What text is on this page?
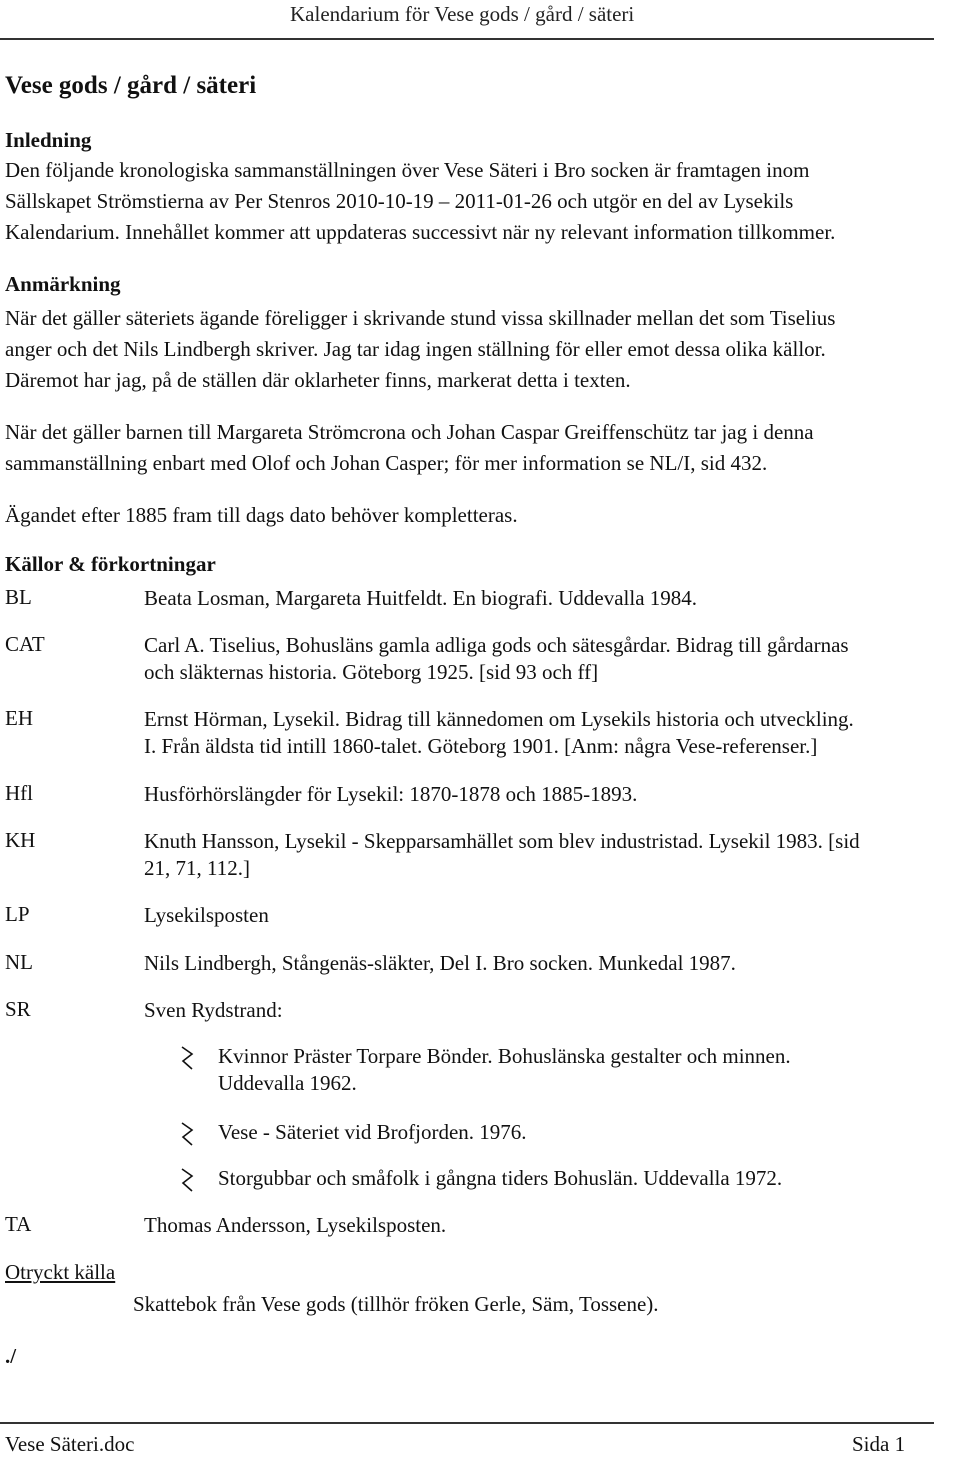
Kalendarium för Vese gods / gård / säteri
Vese gods / gård / säteri
Inledning
Den följande kronologiska sammanställningen över Vese Säteri i Bro socken är framtagen inom
Sällskapet Strömstierna av Per Stenros 2010-10-19 – 2011-01-26 och utgör en del av Lysekils
Kalendarium. Innehållet kommer att uppdateras successivt när ny relevant information tillkommer.
Anmärkning
När det gäller säteriets ägande föreligger i skrivande stund vissa skillnader mellan det som Tiselius
anger och det Nils Lindbergh skriver. Jag tar idag ingen ställning för eller emot dessa olika källor.
Däremot har jag, på de ställen där oklarheter finns, markerat detta i texten.
När det gäller barnen till Margareta Strömcrona och Johan Caspar Greiffenschütz tar jag i denna
sammanställning enbart med Olof och Johan Casper; för mer information se NL/I, sid 432.
Ägandet efter 1885 fram till dags dato behöver kompletteras.
Källor & förkortningar
BL	Beata Losman, Margareta Huitfeldt. En biografi. Uddevalla 1984.
CAT	Carl A. Tiselius, Bohusläns gamla adliga gods och sätesgårdar. Bidrag till gårdarnas
och släkternas historia. Göteborg 1925. [sid 93 och ff]
EH	Ernst Hörman, Lysekil. Bidrag till kännedomen om Lysekils historia och utveckling.
I. Från äldsta tid intill 1860-talet. Göteborg 1901. [Anm: några Vese-referenser.]
Hfl	Husförhörslängder för Lysekil: 1870-1878 och 1885-1893.
KH	Knuth Hansson, Lysekil - Skepparsamhället som blev industristad. Lysekil 1983. [sid
21, 71, 112.]
LP	Lysekilsposten
NL	Nils Lindbergh, Stångenäs-släkter, Del I. Bro socken. Munkedal 1987.
SR	Sven Rydstrand:
Kvinnor Präster Torpare Bönder. Bohuslänska gestalter och minnen.
Uddevalla 1962.
Vese - Säteriet vid Brofjorden. 1976.
Storgubbar och småfolk i gångna tiders Bohuslän. Uddevalla 1972.
TA	Thomas Andersson, Lysekilsposten.
Otryckt källa
Skattebok från Vese gods (tillhör fröken Gerle, Säm, Tossene).
./
Vese Säteri.doc	Sida 1
